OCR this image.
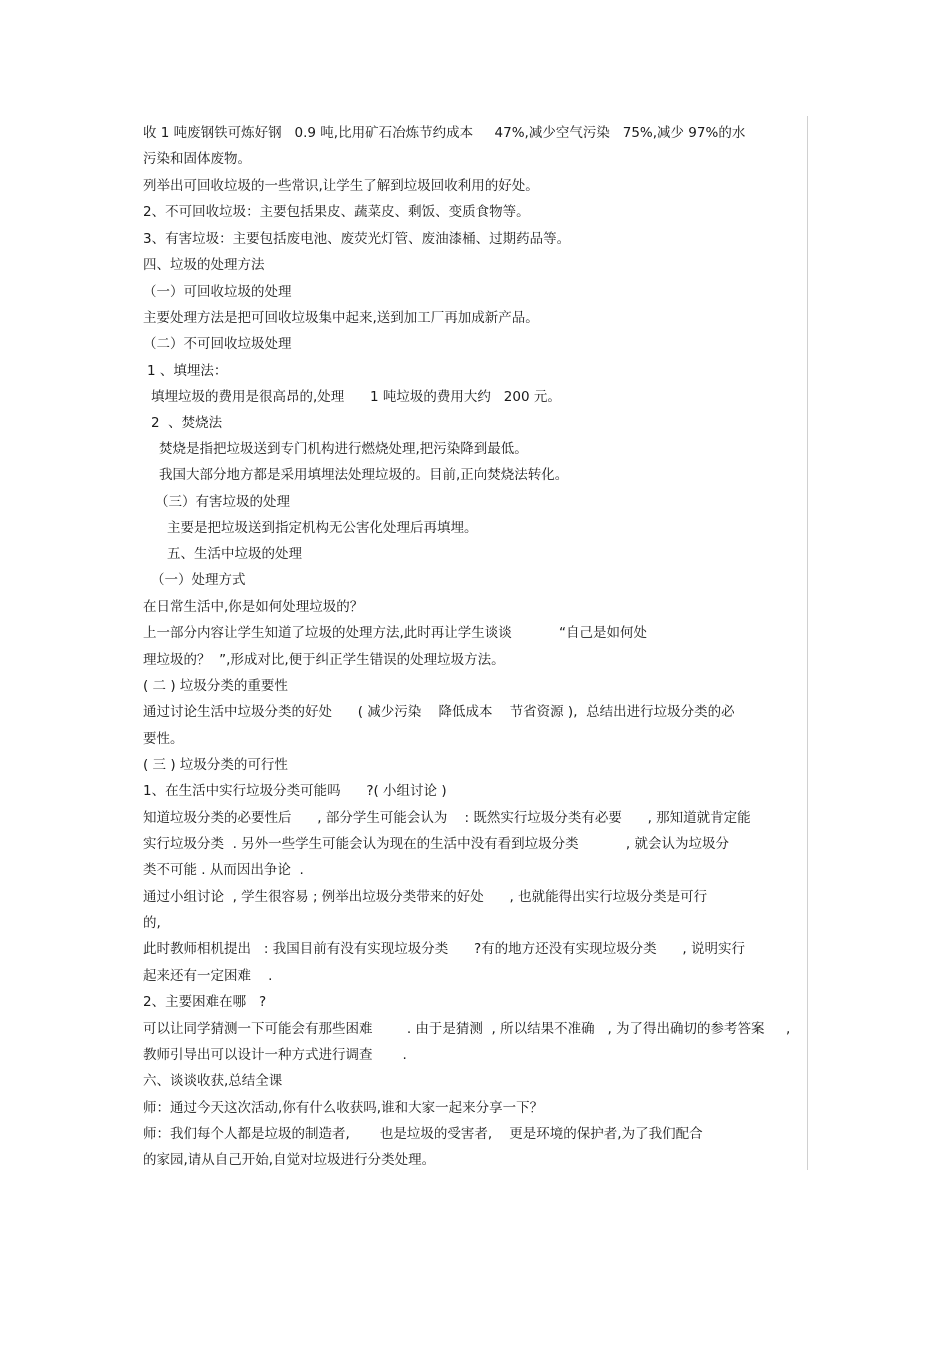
收 1 吨废钢铁可炼好钢   0.9 吨,比用矿石冶炼节约成本     47%,减少空气污染   75%,减少 97%的水
污染和固体废物。
列举出可回收垃圾的一些常识,让学生了解到垃圾回收利用的好处。
2、不可回收垃圾：主要包括果皮、蔬菜皮、剩饭、变质食物等。
3、有害垃圾：主要包括废电池、废荧光灯管、废油漆桶、过期药品等。
四、垃圾的处理方法
（一）可回收垃圾的处理
主要处理方法是把可回收垃圾集中起来,送到加工厂再加成新产品。
（二）不可回收垃圾处理
1 、填埋法：
填埋垃圾的费用是很高昂的,处理      1 吨垃圾的费用大约   200 元。
2  、焚烧法
焚烧是指把垃圾送到专门机构进行燃烧处理,把污染降到最低。
我国大部分地方都是采用填埋法处理垃圾的。目前,正向焚烧法转化。
（三）有害垃圾的处理
主要是把垃圾送到指定机构无公害化处理后再填埋。
五、生活中垃圾的处理
（一）处理方式
在日常生活中,你是如何处理垃圾的？
上一部分内容让学生知道了垃圾的处理方法,此时再让学生谈谈           “自己是如何处
理垃圾的？  ”,形成对比,便于纠正学生错误的处理垃圾方法。
( 二 ) 垃圾分类的重要性
通过讨论生活中垃圾分类的好处      ( 减少污染    降低成本    节省资源 ),  总结出进行垃圾分类的必
要性。
( 三 ) 垃圾分类的可行性
1、在生活中实行垃圾分类可能吗      ?( 小组讨论 )
知道垃圾分类的必要性后      , 部分学生可能会认为    : 既然实行垃圾分类有必要      , 那知道就肯定能
实行垃圾分类  . 另外一些学生可能会认为现在的生活中没有看到垃圾分类           , 就会认为垃圾分
类不可能 . 从而因出争论  .
通过小组讨论  , 学生很容易 ; 例举出垃圾分类带来的好处      , 也就能得出实行垃圾分类是可行
的,
此时教师相机提出   : 我国目前有没有实现垃圾分类      ?有的地方还没有实现垃圾分类      , 说明实行
起来还有一定困难    .
2、主要困难在哪   ?
可以让同学猜测一下可能会有那些困难        . 由于是猜测  , 所以结果不准确   , 为了得出确切的参考答案     ,
教师引导出可以设计一种方式进行调查       .
六、谈谈收获,总结全课
师：通过今天这次活动,你有什么收获吗,谁和大家一起来分享一下？
师：我们每个人都是垃圾的制造者,       也是垃圾的受害者,    更是环境的保护者,为了我们配合
的家园,请从自己开始,自觉对垃圾进行分类处理。
